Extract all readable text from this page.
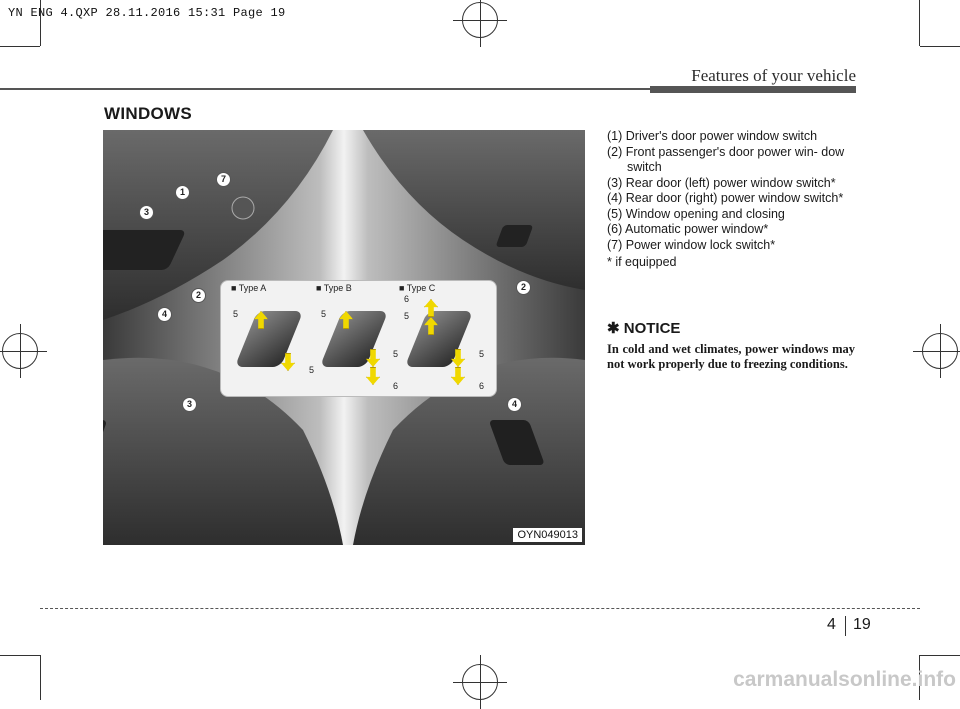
YN ENG 4.QXP 28.11.2016 15:31 Page 19
Features of your vehicle
WINDOWS
1
2
3
4
7
2
3	4
■ Type A	■ Type B	■ Type C
5
5
5
5
6
6
5
5
6
OYN049013
(1) Driver's door power window switch
(2) Front passenger's door power win- dow switch
(3) Rear door (left) power window switch*
(4) Rear door (right) power window switch*
(5) Window opening and closing
(6) Automatic power window*
(7) Power window lock switch*
* if equipped
✱ NOTICE
In cold and wet climates, power windows may not work properly due to freezing conditions.
4 19
carmanualsonline.info
